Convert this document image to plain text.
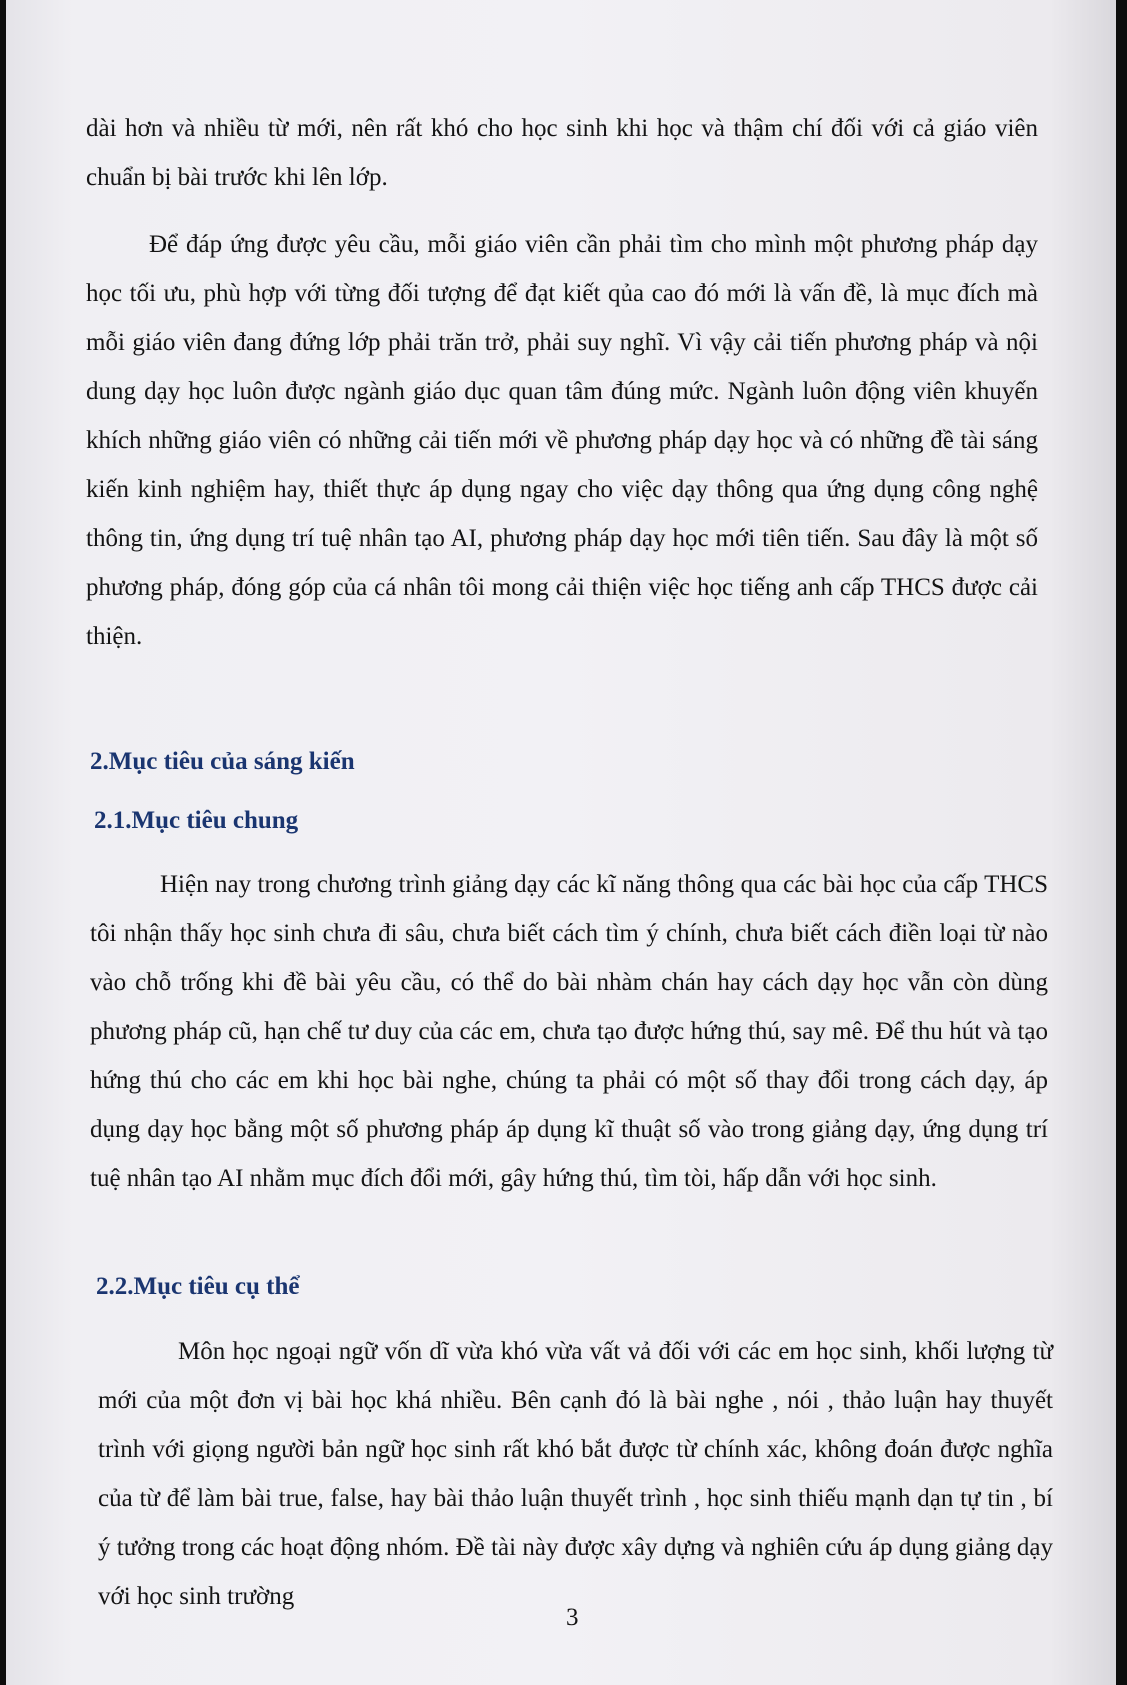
dài hơn và nhiều từ mới, nên rất khó cho học sinh khi học và thậm chí đối với cả giáo viên chuẩn bị bài trước khi lên lớp.

Để đáp ứng được yêu cầu, mỗi giáo viên cần phải tìm cho mình một phương pháp dạy học tối ưu, phù hợp với từng đối tượng để đạt kiết qủa cao đó mới là vấn đề, là mục đích mà mỗi giáo viên đang đứng lớp phải trăn trở, phải suy nghĩ. Vì vậy cải tiến phương pháp và nội dung dạy học luôn được ngành giáo dục quan tâm đúng mức. Ngành luôn động viên khuyến khích những giáo viên có những cải tiến mới về phương pháp dạy học và có những đề tài sáng kiến kinh nghiệm hay, thiết thực áp dụng ngay cho việc dạy thông qua ứng dụng công nghệ thông tin, ứng dụng trí tuệ nhân tạo AI, phương pháp dạy học mới tiên tiến. Sau đây là một số phương pháp, đóng góp của cá nhân tôi mong cải thiện việc học tiếng anh cấp THCS được cải thiện.

2.Mục tiêu của sáng kiến
2.1.Mục tiêu chung

Hiện nay trong chương trình giảng dạy các kĩ năng thông qua các bài học của cấp THCS tôi nhận thấy học sinh chưa đi sâu, chưa biết cách tìm ý chính, chưa biết cách điền loại từ nào vào chỗ trống khi đề bài yêu cầu, có thể do bài nhàm chán hay cách dạy học vẫn còn dùng phương pháp cũ, hạn chế tư duy của các em, chưa tạo được hứng thú, say mê. Để thu hút và tạo hứng thú cho các em khi học bài nghe, chúng ta phải có một số thay đổi trong cách dạy, áp dụng dạy học bằng một số phương pháp áp dụng kĩ thuật số vào trong giảng dạy, ứng dụng trí tuệ nhân tạo AI nhằm mục đích đổi mới, gây hứng thú, tìm tòi, hấp dẫn với học sinh.

2.2.Mục tiêu cụ thể

Môn học ngoại ngữ vốn dĩ vừa khó vừa vất vả đối với các em học sinh, khối lượng từ mới của một đơn vị bài học khá nhiều. Bên cạnh đó là bài nghe , nói , thảo luận hay thuyết trình với giọng người bản ngữ học sinh rất khó bắt được từ chính xác, không đoán được nghĩa của từ để làm bài true, false, hay bài thảo luận thuyết trình , học sinh thiếu mạnh dạn tự tin , bí ý tưởng trong các hoạt động nhóm. Đề tài này được xây dựng và nghiên cứu áp dụng giảng dạy với học sinh trường

3
